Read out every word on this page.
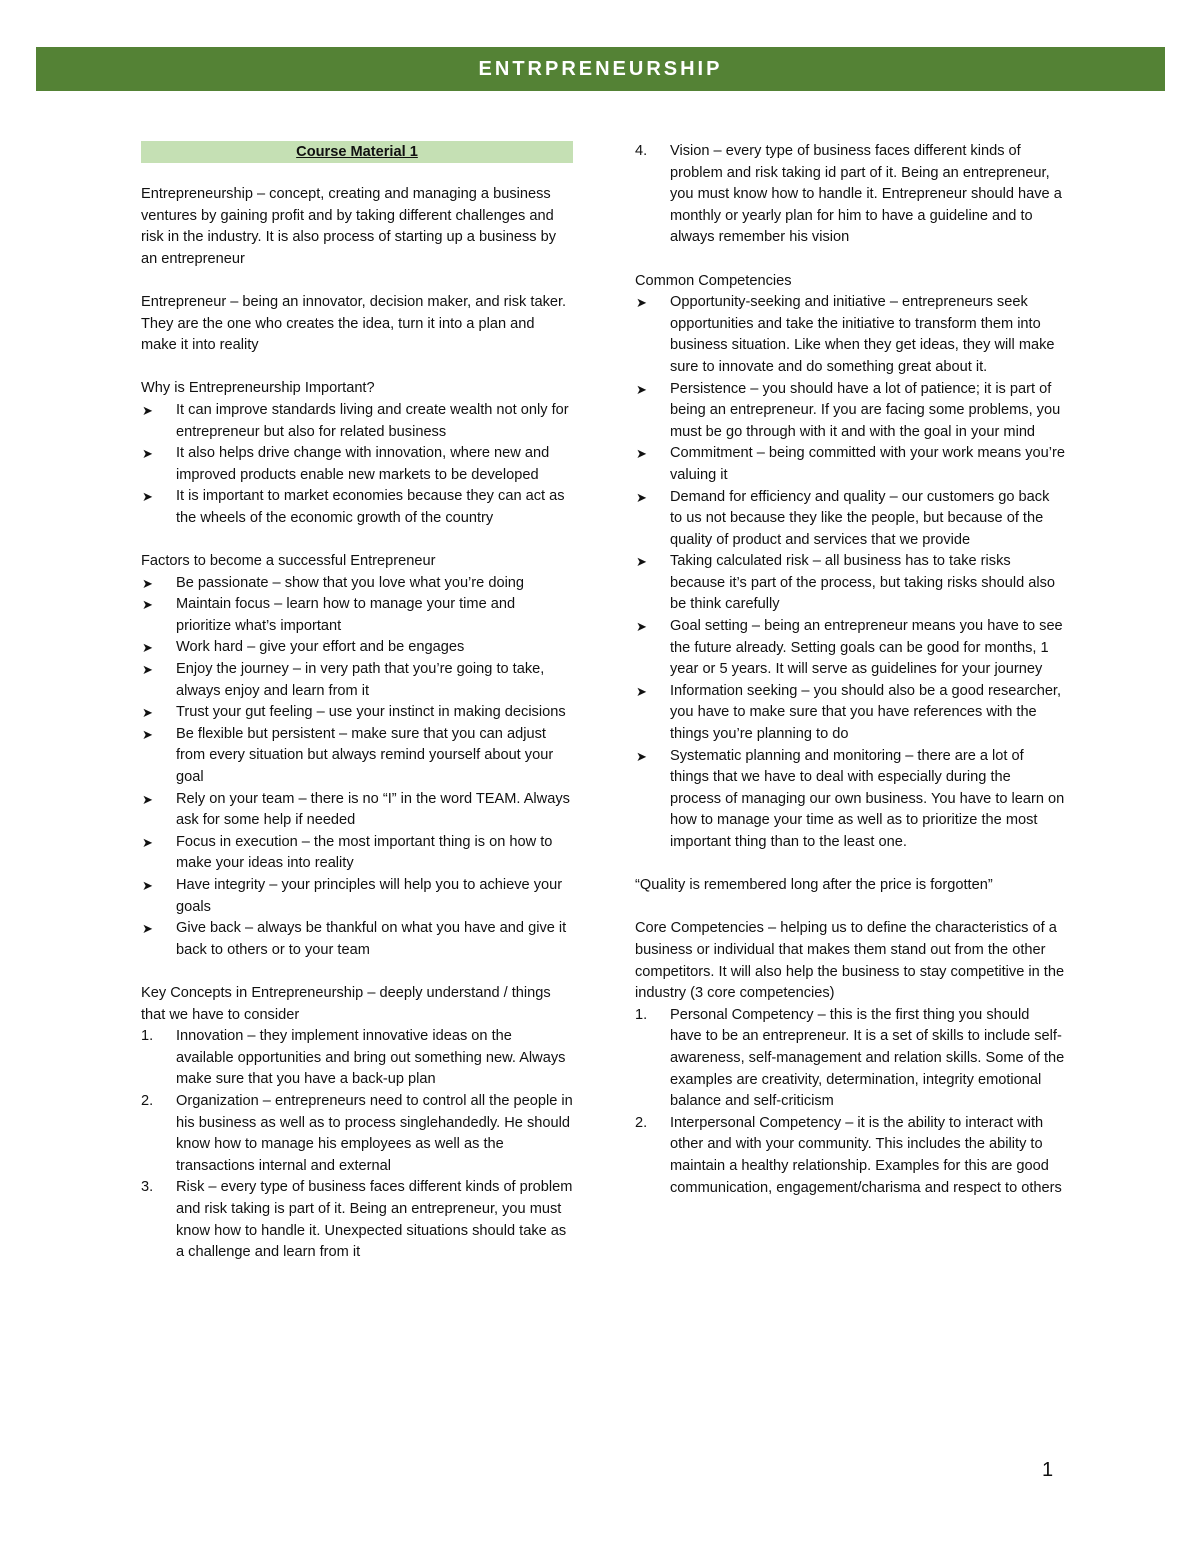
ENTRPRENEURSHIP
Course Material 1

Entrepreneurship – concept, creating and managing a business ventures by gaining profit and by taking different challenges and risk in the industry. It is also process of starting up a business by an entrepreneur

Entrepreneur – being an innovator, decision maker, and risk taker. They are the one who creates the idea, turn it into a plan and make it into reality

Why is Entrepreneurship Important?

➤ It can improve standards living and create wealth not only for entrepreneur but also for related business
➤ It also helps drive change with innovation, where new and improved products enable new markets to be developed
➤ It is important to market economies because they can act as the wheels of the economic growth of the country

Factors to become a successful Entrepreneur

➤ Be passionate – show that you love what you’re doing
➤ Maintain focus – learn how to manage your time and prioritize what’s important
➤ Work hard – give your effort and be engages
➤ Enjoy the journey – in very path that you’re going to take, always enjoy and learn from it
➤ Trust your gut feeling – use your instinct in making decisions
➤ Be flexible but persistent – make sure that you can adjust from every situation but always remind yourself about your goal
➤ Rely on your team – there is no “I” in the word TEAM. Always ask for some help if needed
➤ Focus in execution – the most important thing is on how to make your ideas into reality
➤ Have integrity – your principles will help you to achieve your goals
➤ Give back – always be thankful on what you have and give it back to others or to your team

Key Concepts in Entrepreneurship – deeply understand / things that we have to consider

1. Innovation – they implement innovative ideas on the available opportunities and bring out something new. Always make sure that you have a back-up plan
2. Organization – entrepreneurs need to control all the people in his business as well as to process singlehandedly. He should know how to manage his employees as well as the transactions internal and external
3. Risk – every type of business faces different kinds of problem and risk taking is part of it. Being an entrepreneur, you must know how to handle it. Unexpected situations should take as a challenge and learn from it
4. Vision – every type of business faces different kinds of problem and risk taking id part of it. Being an entrepreneur, you must know how to handle it. Entrepreneur should have a monthly or yearly plan for him to have a guideline and to always remember his vision

Common Competencies

➤ Opportunity-seeking and initiative – entrepreneurs seek opportunities and take the initiative to transform them into business situation. Like when they get ideas, they will make sure to innovate and do something great about it.
➤ Persistence – you should have a lot of patience; it is part of being an entrepreneur. If you are facing some problems, you must be go through with it and with the goal in your mind
➤ Commitment – being committed with your work means you’re valuing it
➤ Demand for efficiency and quality – our customers go back to us not because they like the people, but because of the quality of product and services that we provide
➤ Taking calculated risk – all business has to take risks because it’s part of the process, but taking risks should also be think carefully
➤ Goal setting – being an entrepreneur means you have to see the future already. Setting goals can be good for months, 1 year or 5 years. It will serve as guidelines for your journey
➤ Information seeking – you should also be a good researcher, you have to make sure that you have references with the things you’re planning to do
➤ Systematic planning and monitoring – there are a lot of things that we have to deal with especially during the process of managing our own business. You have to learn on how to manage your time as well as to prioritize the most important thing than to the least one.

“Quality is remembered long after the price is forgotten”

Core Competencies – helping us to define the characteristics of a business or individual that makes them stand out from the other competitors. It will also help the business to stay competitive in the industry (3 core competencies)

1. Personal Competency – this is the first thing you should have to be an entrepreneur. It is a set of skills to include self-awareness, self-management and relation skills. Some of the examples are creativity, determination, integrity emotional balance and self-criticism
2. Interpersonal Competency – it is the ability to interact with other and with your community. This includes the ability to maintain a healthy relationship. Examples for this are good communication, engagement/charisma and respect to others
1
